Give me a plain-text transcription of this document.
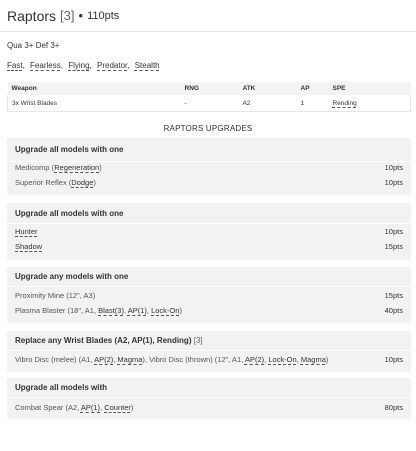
Raptors [3] • 110pts
Qua 3+ Def 3+
Fast, Fearless, Flying, Predator, Stealth
Weapon	RNG	ATK	AP	SPE
3x Wrist Blades	-	A2	1	Rending
RAPTORS UPGRADES
Upgrade all models with one
Medicomp (Regeneration)	10pts
Superior Reflex (Dodge)	10pts
Upgrade all models with one
Hunter	10pts
Shadow	15pts
Upgrade any models with one
Proximity Mine (12", A3)	15pts
Plasma Blaster (18", A1, Blast(3), AP(1), Lock-On)	40pts
Replace any Wrist Blades (A2, AP(1), Rending) [3]
Vibro Disc (melee) (A1, AP(2), Magma), Vibro Disc (thrown) (12", A1, AP(2), Lock-On, Magma)	10pts
Upgrade all models with
Combat Spear (A2, AP(1), Counter)	80pts
